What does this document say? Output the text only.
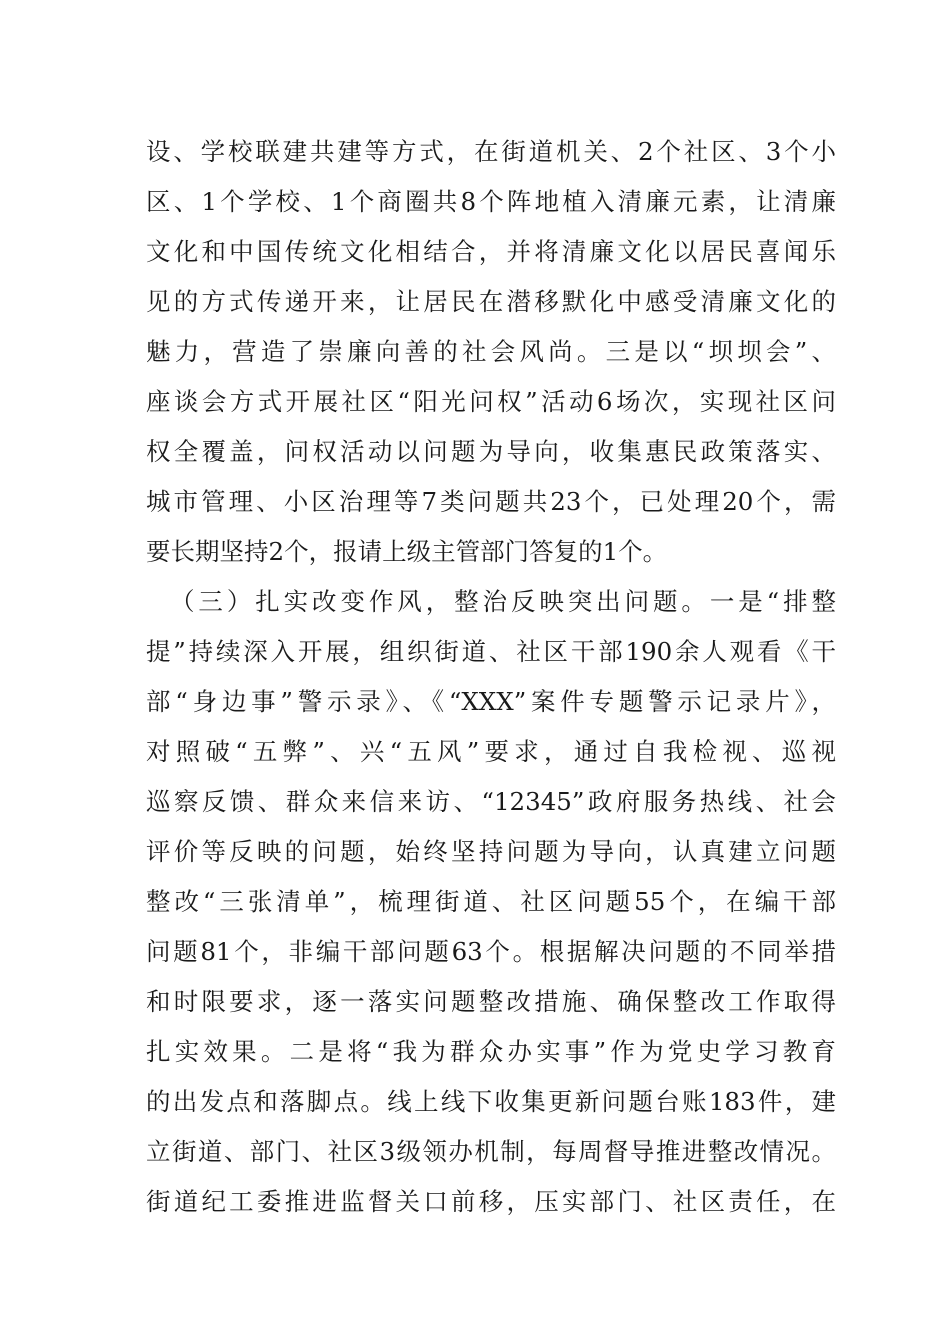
设、学校联建共建等方式，在街道机关、2个社区、3个小
区、1个学校、1个商圈共8个阵地植入清廉元素，让清廉
文化和中国传统文化相结合，并将清廉文化以居民喜闻乐
见的方式传递开来，让居民在潜移默化中感受清廉文化的
魅力，营造了崇廉向善的社会风尚。三是以“坝坝会”、
座谈会方式开展社区“阳光问权”活动6场次，实现社区问
权全覆盖，问权活动以问题为导向，收集惠民政策落实、
城市管理、小区治理等7类问题共23个，已处理20个，需
要长期坚持2个，报请上级主管部门答复的1个。
（三）扎实改变作风，整治反映突出问题。一是“排整
提”持续深入开展，组织街道、社区干部190余人观看《干
部“身边事”警示录》、《“XXX”案件专题警示记录片》，
对照破“五弊”、兴“五风”要求，通过自我检视、巡视
巡察反馈、群众来信来访、“12345”政府服务热线、社会
评价等反映的问题，始终坚持问题为导向，认真建立问题
整改“三张清单”，梳理街道、社区问题55个，在编干部
问题81个，非编干部问题63个。根据解决问题的不同举措
和时限要求，逐一落实问题整改措施、确保整改工作取得
扎实效果。二是将“我为群众办实事”作为党史学习教育
的出发点和落脚点。线上线下收集更新问题台账183件，建
立街道、部门、社区3级领办机制，每周督导推进整改情况。
街道纪工委推进监督关口前移，压实部门、社区责任，在
